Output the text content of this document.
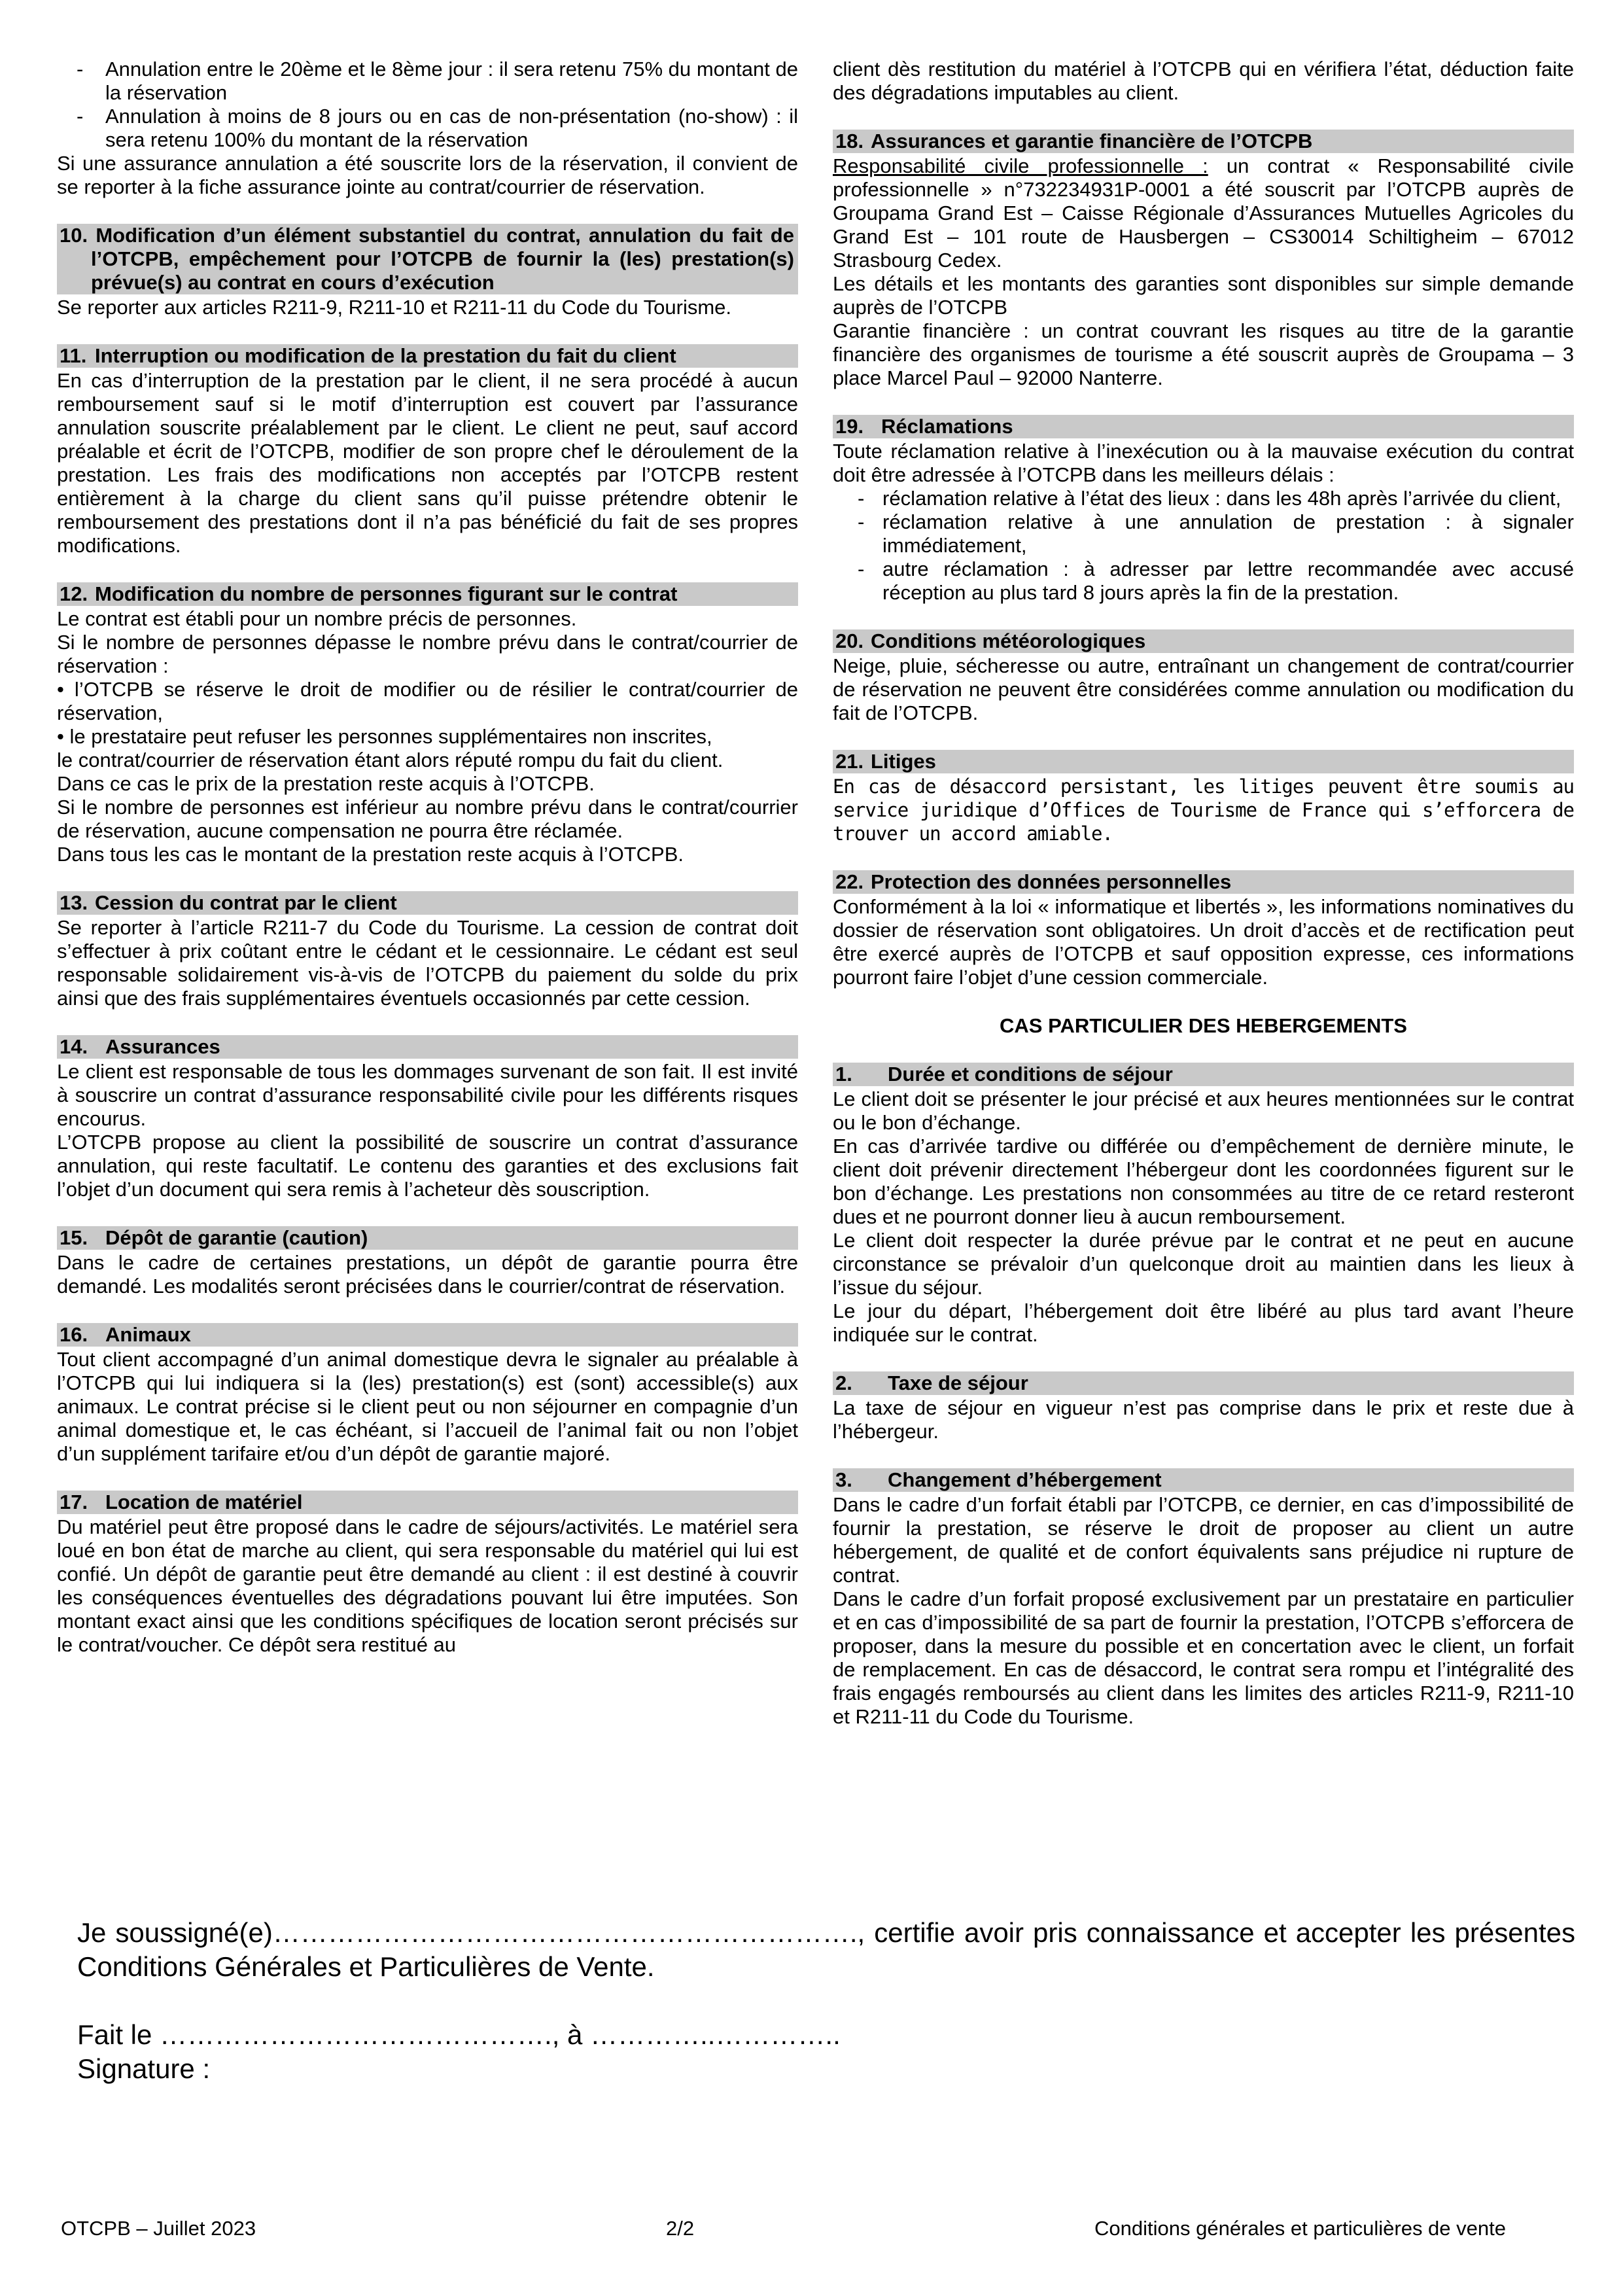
- Annulation entre le 20ème et le 8ème jour : il sera retenu 75% du montant de la réservation
- Annulation à moins de 8 jours ou en cas de non-présentation (no-show) : il sera retenu 100% du montant de la réservation

Si une assurance annulation a été souscrite lors de la réservation, il convient de se reporter à la fiche assurance jointe au contrat/courrier de réservation.

10. Modification d’un élément substantiel du contrat, annulation du fait de l’OTCPB, empêchement pour l’OTCPB de fournir la (les) prestation(s) prévue(s) au contrat en cours d’exécution

Se reporter aux articles R211-9, R211-10 et R211-11 du Code du Tourisme.

11. Interruption ou modification de la prestation du fait du client

En cas d’interruption de la prestation par le client, il ne sera procédé à aucun remboursement sauf si le motif d’interruption est couvert par l’assurance annulation souscrite préalablement par le client. Le client ne peut, sauf accord préalable et écrit de l’OTCPB, modifier de son propre chef le déroulement de la prestation. Les frais des modifications non acceptés par l’OTCPB restent entièrement à la charge du client sans qu’il puisse prétendre obtenir le remboursement des prestations dont il n’a pas bénéficié du fait de ses propres modifications.

12. Modification du nombre de personnes figurant sur le contrat

Le contrat est établi pour un nombre précis de personnes.

Si le nombre de personnes dépasse le nombre prévu dans le contrat/courrier de réservation :

• l’OTCPB se réserve le droit de modifier ou de résilier le contrat/courrier de réservation,

• le prestataire peut refuser les personnes supplémentaires non inscrites,

le contrat/courrier de réservation étant alors réputé rompu du fait du client.

Dans ce cas le prix de la prestation reste acquis à l’OTCPB.

Si le nombre de personnes est inférieur au nombre prévu dans le contrat/courrier de réservation, aucune compensation ne pourra être réclamée.

Dans tous les cas le montant de la prestation reste acquis à l’OTCPB.

13. Cession du contrat par le client

Se reporter à l’article R211-7 du Code du Tourisme. La cession de contrat doit s’effectuer à prix coûtant entre le cédant et le cessionnaire. Le cédant est seul responsable solidairement vis-à-vis de l’OTCPB du paiement du solde du prix ainsi que des frais supplémentaires éventuels occasionnés par cette cession.

14. Assurances

Le client est responsable de tous les dommages survenant de son fait. Il est invité à souscrire un contrat d’assurance responsabilité civile pour les différents risques encourus.

L’OTCPB propose au client la possibilité de souscrire un contrat d’assurance annulation, qui reste facultatif. Le contenu des garanties et des exclusions fait l’objet d’un document qui sera remis à l’acheteur dès souscription.

15. Dépôt de garantie (caution)

Dans le cadre de certaines prestations, un dépôt de garantie pourra être demandé. Les modalités seront précisées dans le courrier/contrat de réservation.

16. Animaux

Tout client accompagné d’un animal domestique devra le signaler au préalable à l’OTCPB qui lui indiquera si la (les) prestation(s) est (sont) accessible(s) aux animaux. Le contrat précise si le client peut ou non séjourner en compagnie d’un animal domestique et, le cas échéant, si l’accueil de l’animal fait ou non l’objet d’un supplément tarifaire et/ou d’un dépôt de garantie majoré.

17. Location de matériel

Du matériel peut être proposé dans le cadre de séjours/activités. Le matériel sera loué en bon état de marche au client, qui sera responsable du matériel qui lui est confié. Un dépôt de garantie peut être demandé au client : il est destiné à couvrir les conséquences éventuelles des dégradations pouvant lui être imputées. Son montant exact ainsi que les conditions spécifiques de location seront précisés sur le contrat/voucher. Ce dépôt sera restitué au

client dès restitution du matériel à l’OTCPB qui en vérifiera l’état, déduction faite des dégradations imputables au client.

18. Assurances et garantie financière de l’OTCPB

Responsabilité civile professionnelle : un contrat « Responsabilité civile professionnelle » n°732234931P-0001 a été souscrit par l’OTCPB auprès de Groupama Grand Est – Caisse Régionale d’Assurances Mutuelles Agricoles du Grand Est – 101 route de Hausbergen – CS30014 Schiltigheim – 67012 Strasbourg Cedex.

Les détails et les montants des garanties sont disponibles sur simple demande auprès de l’OTCPB

Garantie financière : un contrat couvrant les risques au titre de la garantie financière des organismes de tourisme a été souscrit auprès de Groupama – 3 place Marcel Paul – 92000 Nanterre.

19. Réclamations

Toute réclamation relative à l’inexécution ou à la mauvaise exécution du contrat doit être adressée à l’OTCPB dans les meilleurs délais :

- réclamation relative à l’état des lieux : dans les 48h après l’arrivée du client,
- réclamation relative à une annulation de prestation : à signaler immédiatement,
- autre réclamation : à adresser par lettre recommandée avec accusé réception au plus tard 8 jours après la fin de la prestation.
20. Conditions météorologiques

Neige, pluie, sécheresse ou autre, entraînant un changement de contrat/courrier de réservation ne peuvent être considérées comme annulation ou modification du fait de l’OTCPB.

21. Litiges

En cas de désaccord persistant, les litiges peuvent être soumis au service juridique d’Offices de Tourisme de France qui s’efforcera de trouver un accord amiable.

22. Protection des données personnelles

Conformément à la loi « informatique et libertés », les informations nominatives du dossier de réservation sont obligatoires. Un droit d’accès et de rectification peut être exercé auprès de l’OTCPB et sauf opposition expresse, ces informations pourront faire l’objet d’une cession commerciale.

CAS PARTICULIER DES HEBERGEMENTS
1. Durée et conditions de séjour

Le client doit se présenter le jour précisé et aux heures mentionnées sur le contrat ou le bon d’échange.

En cas d’arrivée tardive ou différée ou d’empêchement de dernière minute, le client doit prévenir directement l’hébergeur dont les coordonnées figurent sur le bon d’échange. Les prestations non consommées au titre de ce retard resteront dues et ne pourront donner lieu à aucun remboursement.

Le client doit respecter la durée prévue par le contrat et ne peut en aucune circonstance se prévaloir d’un quelconque droit au maintien dans les lieux à l’issue du séjour.

Le jour du départ, l’hébergement doit être libéré au plus tard avant l’heure indiquée sur le contrat.

2. Taxe de séjour

La taxe de séjour en vigueur n’est pas comprise dans le prix et reste due à l’hébergeur.

3. Changement d’hébergement

Dans le cadre d’un forfait établi par l’OTCPB, ce dernier, en cas d’impossibilité de fournir la prestation, se réserve le droit de proposer au client un autre hébergement, de qualité et de confort équivalents sans préjudice ni rupture de contrat.

Dans le cadre d’un forfait proposé exclusivement par un prestataire en particulier et en cas d’impossibilité de sa part de fournir la prestation, l’OTCPB s’efforcera de proposer, dans la mesure du possible et en concertation avec le client, un forfait de remplacement. En cas de désaccord, le contrat sera rompu et l’intégralité des frais engagés remboursés au client dans les limites des articles R211-9, R211-10 et R211-11 du Code du Tourisme.

Je soussigné(e)………………………………………………………., certifie avoir pris connaissance et accepter les présentes Conditions Générales et Particulières de Vente.

Fait le ……………………………………., à …………..…………..

Signature :

OTCPB – Juillet 2023	2/2	Conditions générales et particulières de vente
